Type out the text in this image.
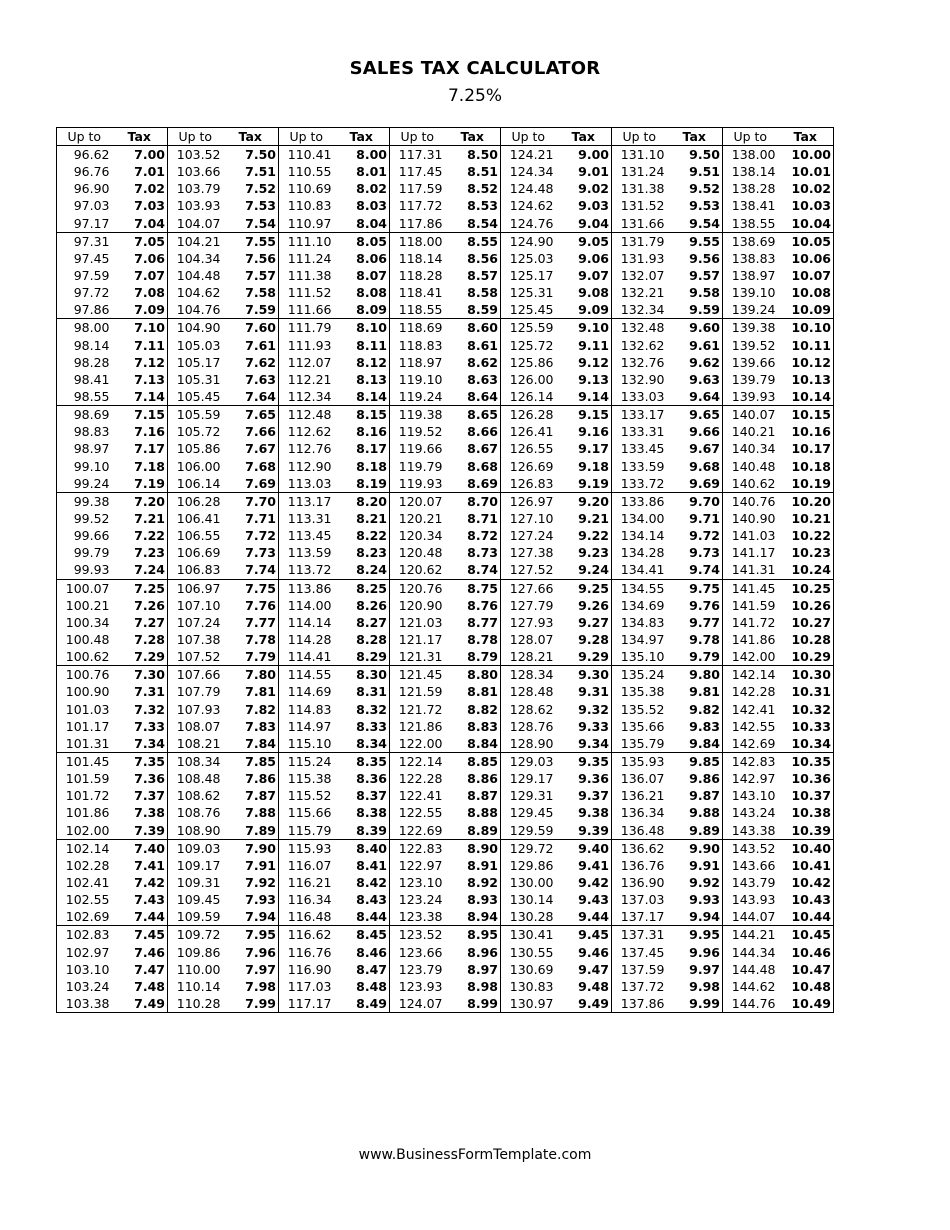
SALES TAX CALCULATOR
7.25%
Up to	Tax	Up to	Tax	Up to	Tax	Up to	Tax	Up to	Tax	Up to	Tax	Up to	Tax
96.62	7.00	103.52	7.50	110.41	8.00	117.31	8.50	124.21	9.00	131.10	9.50	138.00	10.00
96.76	7.01	103.66	7.51	110.55	8.01	117.45	8.51	124.34	9.01	131.24	9.51	138.14	10.01
96.90	7.02	103.79	7.52	110.69	8.02	117.59	8.52	124.48	9.02	131.38	9.52	138.28	10.02
97.03	7.03	103.93	7.53	110.83	8.03	117.72	8.53	124.62	9.03	131.52	9.53	138.41	10.03
97.17	7.04	104.07	7.54	110.97	8.04	117.86	8.54	124.76	9.04	131.66	9.54	138.55	10.04
97.31	7.05	104.21	7.55	111.10	8.05	118.00	8.55	124.90	9.05	131.79	9.55	138.69	10.05
97.45	7.06	104.34	7.56	111.24	8.06	118.14	8.56	125.03	9.06	131.93	9.56	138.83	10.06
97.59	7.07	104.48	7.57	111.38	8.07	118.28	8.57	125.17	9.07	132.07	9.57	138.97	10.07
97.72	7.08	104.62	7.58	111.52	8.08	118.41	8.58	125.31	9.08	132.21	9.58	139.10	10.08
97.86	7.09	104.76	7.59	111.66	8.09	118.55	8.59	125.45	9.09	132.34	9.59	139.24	10.09
98.00	7.10	104.90	7.60	111.79	8.10	118.69	8.60	125.59	9.10	132.48	9.60	139.38	10.10
98.14	7.11	105.03	7.61	111.93	8.11	118.83	8.61	125.72	9.11	132.62	9.61	139.52	10.11
98.28	7.12	105.17	7.62	112.07	8.12	118.97	8.62	125.86	9.12	132.76	9.62	139.66	10.12
98.41	7.13	105.31	7.63	112.21	8.13	119.10	8.63	126.00	9.13	132.90	9.63	139.79	10.13
98.55	7.14	105.45	7.64	112.34	8.14	119.24	8.64	126.14	9.14	133.03	9.64	139.93	10.14
98.69	7.15	105.59	7.65	112.48	8.15	119.38	8.65	126.28	9.15	133.17	9.65	140.07	10.15
98.83	7.16	105.72	7.66	112.62	8.16	119.52	8.66	126.41	9.16	133.31	9.66	140.21	10.16
98.97	7.17	105.86	7.67	112.76	8.17	119.66	8.67	126.55	9.17	133.45	9.67	140.34	10.17
99.10	7.18	106.00	7.68	112.90	8.18	119.79	8.68	126.69	9.18	133.59	9.68	140.48	10.18
99.24	7.19	106.14	7.69	113.03	8.19	119.93	8.69	126.83	9.19	133.72	9.69	140.62	10.19
99.38	7.20	106.28	7.70	113.17	8.20	120.07	8.70	126.97	9.20	133.86	9.70	140.76	10.20
99.52	7.21	106.41	7.71	113.31	8.21	120.21	8.71	127.10	9.21	134.00	9.71	140.90	10.21
99.66	7.22	106.55	7.72	113.45	8.22	120.34	8.72	127.24	9.22	134.14	9.72	141.03	10.22
99.79	7.23	106.69	7.73	113.59	8.23	120.48	8.73	127.38	9.23	134.28	9.73	141.17	10.23
99.93	7.24	106.83	7.74	113.72	8.24	120.62	8.74	127.52	9.24	134.41	9.74	141.31	10.24
100.07	7.25	106.97	7.75	113.86	8.25	120.76	8.75	127.66	9.25	134.55	9.75	141.45	10.25
100.21	7.26	107.10	7.76	114.00	8.26	120.90	8.76	127.79	9.26	134.69	9.76	141.59	10.26
100.34	7.27	107.24	7.77	114.14	8.27	121.03	8.77	127.93	9.27	134.83	9.77	141.72	10.27
100.48	7.28	107.38	7.78	114.28	8.28	121.17	8.78	128.07	9.28	134.97	9.78	141.86	10.28
100.62	7.29	107.52	7.79	114.41	8.29	121.31	8.79	128.21	9.29	135.10	9.79	142.00	10.29
100.76	7.30	107.66	7.80	114.55	8.30	121.45	8.80	128.34	9.30	135.24	9.80	142.14	10.30
100.90	7.31	107.79	7.81	114.69	8.31	121.59	8.81	128.48	9.31	135.38	9.81	142.28	10.31
101.03	7.32	107.93	7.82	114.83	8.32	121.72	8.82	128.62	9.32	135.52	9.82	142.41	10.32
101.17	7.33	108.07	7.83	114.97	8.33	121.86	8.83	128.76	9.33	135.66	9.83	142.55	10.33
101.31	7.34	108.21	7.84	115.10	8.34	122.00	8.84	128.90	9.34	135.79	9.84	142.69	10.34
101.45	7.35	108.34	7.85	115.24	8.35	122.14	8.85	129.03	9.35	135.93	9.85	142.83	10.35
101.59	7.36	108.48	7.86	115.38	8.36	122.28	8.86	129.17	9.36	136.07	9.86	142.97	10.36
101.72	7.37	108.62	7.87	115.52	8.37	122.41	8.87	129.31	9.37	136.21	9.87	143.10	10.37
101.86	7.38	108.76	7.88	115.66	8.38	122.55	8.88	129.45	9.38	136.34	9.88	143.24	10.38
102.00	7.39	108.90	7.89	115.79	8.39	122.69	8.89	129.59	9.39	136.48	9.89	143.38	10.39
102.14	7.40	109.03	7.90	115.93	8.40	122.83	8.90	129.72	9.40	136.62	9.90	143.52	10.40
102.28	7.41	109.17	7.91	116.07	8.41	122.97	8.91	129.86	9.41	136.76	9.91	143.66	10.41
102.41	7.42	109.31	7.92	116.21	8.42	123.10	8.92	130.00	9.42	136.90	9.92	143.79	10.42
102.55	7.43	109.45	7.93	116.34	8.43	123.24	8.93	130.14	9.43	137.03	9.93	143.93	10.43
102.69	7.44	109.59	7.94	116.48	8.44	123.38	8.94	130.28	9.44	137.17	9.94	144.07	10.44
102.83	7.45	109.72	7.95	116.62	8.45	123.52	8.95	130.41	9.45	137.31	9.95	144.21	10.45
102.97	7.46	109.86	7.96	116.76	8.46	123.66	8.96	130.55	9.46	137.45	9.96	144.34	10.46
103.10	7.47	110.00	7.97	116.90	8.47	123.79	8.97	130.69	9.47	137.59	9.97	144.48	10.47
103.24	7.48	110.14	7.98	117.03	8.48	123.93	8.98	130.83	9.48	137.72	9.98	144.62	10.48
103.38	7.49	110.28	7.99	117.17	8.49	124.07	8.99	130.97	9.49	137.86	9.99	144.76	10.49
www.BusinessFormTemplate.com
